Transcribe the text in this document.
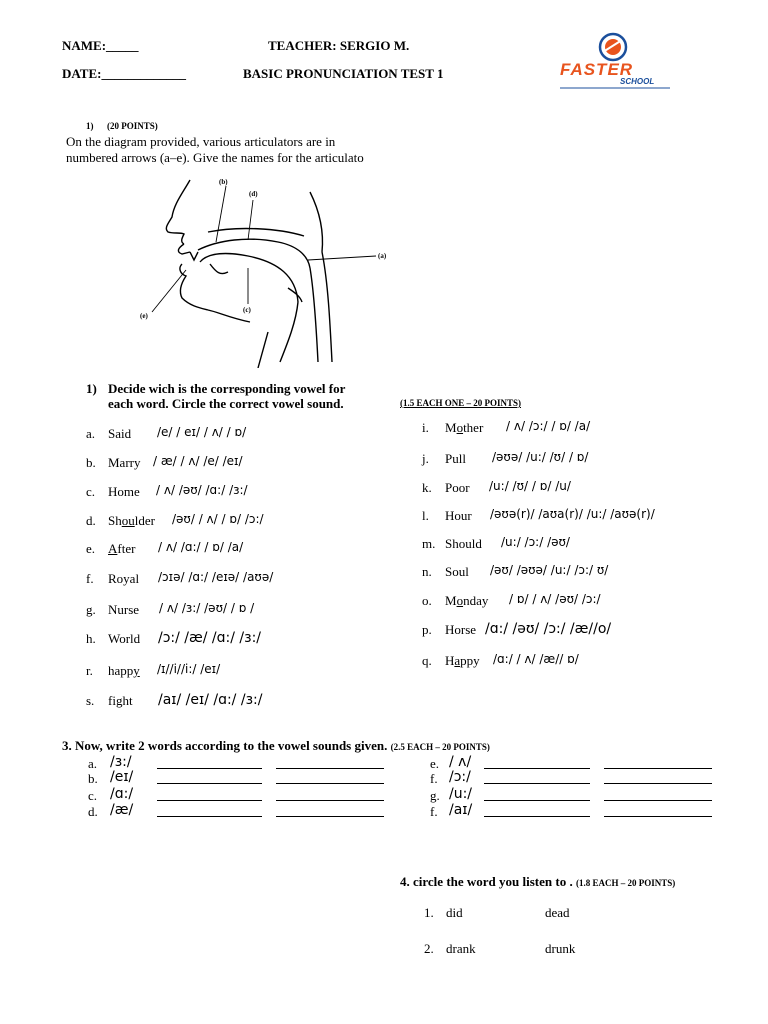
NAME:_____	TEACHER: SERGIO M.
DATE:_____________	BASIC PRONUNCIATION TEST 1	FASTER
SCHOOL
1) (20 POINTS)
On the diagram provided, various articulators are in
numbered arrows (a–e). Give the names for the articulato
(b)
(d)
(a)
(c)
(e)
1) Decide wich is the corresponding vowel for
each word. Circle the correct vowel sound.	(1.5 EACH ONE – 20 POINTS)
a. Said /e/ / eɪ/ / ʌ/ / ɒ/
b. Marry / æ/ / ʌ/ /e/ /eɪ/
c. Home / ʌ/ /əʊ/ /ɑ:/ /ɜ:/
d. Shoulder /əʊ/ / ʌ/ / ɒ/ /ɔ:/
e. After / ʌ/ /ɑ:/ / ɒ/ /a/
f. Royal /ɔɪə/ /ɑ:/ /eɪə/ /aʊə/
g. Nurse / ʌ/ /ɜ:/ /əʊ/ / ɒ /
h. World /ɔ:/ /æ/ /ɑ:/ /ɜ:/
r. happy /ɪ//i//i:/ /eɪ/
s. fight /aɪ/ /eɪ/ /ɑ:/ /ɜ:/
i. Mother / ʌ/ /ɔ:/ / ɒ/ /a/
j. Pull /əʊə/ /u:/ /ʊ/ / ɒ/
k. Poor /u:/ /ʊ/ / ɒ/ /u/
l. Hour /əʊə(r)/ /aʊa(r)/ /u:/ /aʊə(r)/
m. Should /u:/ /ɔ:/ /əʊ/
n. Soul /əʊ/ /əʊə/ /u:/ /ɔ:/ ʊ/
o. Monday / ɒ/ / ʌ/ /əʊ/ /ɔ:/
p. Horse /ɑ:/ /əʊ/ /ɔ:/ /æ//o/
q. Happy /ɑ:/ / ʌ/ /æ// ɒ/
3. Now, write 2 words according to the vowel sounds given. (2.5 EACH – 20 POINTS)
a. /ɜ:/
b. /eɪ/
c. /ɑ:/
d. /æ/
e. / ʌ/
f. /ɔ:/
g. /u:/
f. /aɪ/
4. circle the word you listen to . (1.8 EACH – 20 POINTS)
1. did	dead
2. drank	drunk
